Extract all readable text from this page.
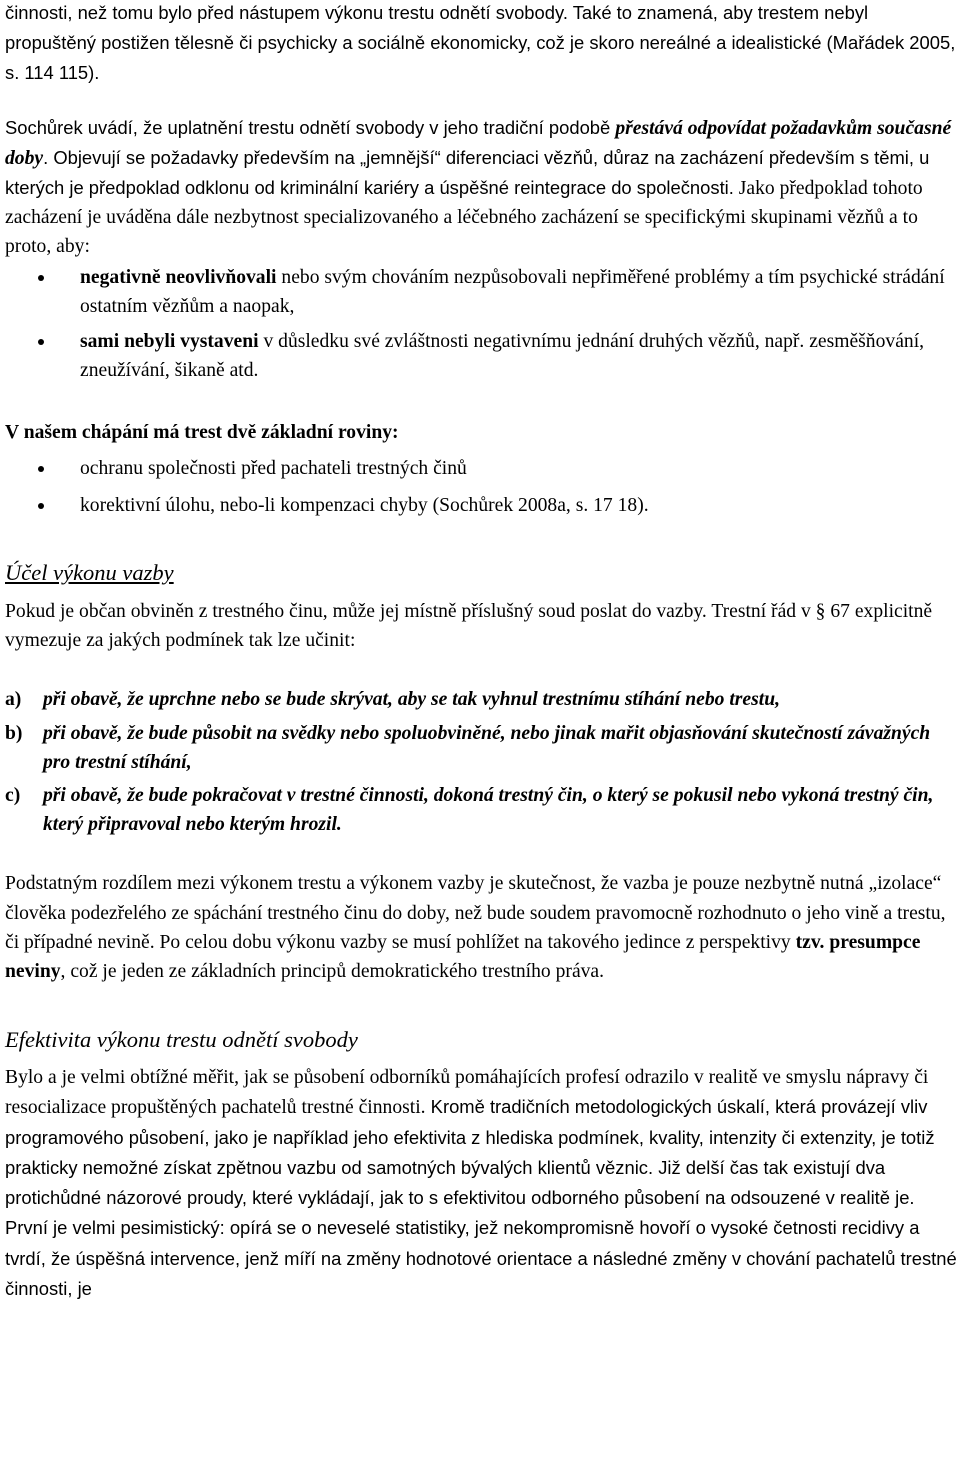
činnosti, než tomu bylo před nástupem výkonu trestu odnětí svobody. Také to znamená, aby trestem nebyl propuštěný postižen tělesně či psychicky a sociálně ekonomicky, což je skoro nereálné a idealistické (Mařádek 2005, s. 114 115).

Sochůrek uvádí, že uplatnění trestu odnětí svobody v jeho tradiční podobě přestává odpovídat požadavkům současné doby. Objevují se požadavky především na „jemnější“ diferenciaci vězňů, důraz na zacházení především s těmi, u kterých je předpoklad odklonu od kriminální kariéry a úspěšné reintegrace do společnosti. Jako předpoklad tohoto zacházení je uváděna dále nezbytnost specializovaného a léčebného zacházení se specifickými skupinami vězňů a to proto, aby:

negativně neovlivňovali nebo svým chováním nezpůsobovali nepřiměřené problémy a tím psychické strádání ostatním vězňům a naopak,
sami nebyli vystaveni v důsledku své zvláštnosti negativnímu jednání druhých vězňů, např. zesměšňování, zneužívání, šikaně atd.

V našem chápání má trest dvě základní roviny:

ochranu společnosti před pachateli trestných činů
korektivní úlohu, nebo-li kompenzaci chyby (Sochůrek 2008a, s. 17 18).
Účel výkonu vazby

Pokud je občan obviněn z trestného činu, může jej místně příslušný soud poslat do vazby. Trestní řád v § 67 explicitně vymezuje za jakých podmínek tak lze učinit:

a) při obavě, že uprchne nebo se bude skrývat, aby se tak vyhnul trestnímu stíhání nebo trestu,
b) při obavě, že bude působit na svědky nebo spoluobviněné, nebo jinak mařit objasňování skutečností závažných pro trestní stíhání,
c) při obavě, že bude pokračovat v trestné činnosti, dokoná trestný čin, o který se pokusil nebo vykoná trestný čin, který připravoval nebo kterým hrozil.

Podstatným rozdílem mezi výkonem trestu a výkonem vazby je skutečnost, že vazba je pouze nezbytně nutná „izolace“ člověka podezřelého ze spáchání trestného činu do doby, než bude soudem pravomocně rozhodnuto o jeho vině a trestu, či případné nevině. Po celou dobu výkonu vazby se musí pohlížet na takového jedince z perspektivy tzv. presumpce neviny, což je jeden ze základních principů demokratického trestního práva.

Efektivita výkonu trestu odnětí svobody

Bylo a je velmi obtížné měřit, jak se působení odborníků pomáhajících profesí odrazilo v realitě ve smyslu nápravy či resocializace propuštěných pachatelů trestné činnosti. Kromě tradičních metodologických úskalí, která provázejí vliv programového působení, jako je například jeho efektivita z hlediska podmínek, kvality, intenzity či extenzity, je totiž prakticky nemožné získat zpětnou vazbu od samotných bývalých klientů věznic. Již delší čas tak existují dva protichůdné názorové proudy, které vykládají, jak to s efektivitou odborného působení na odsouzené v realitě je. První je velmi pesimistický: opírá se o neveselé statistiky, jež nekompromisně hovoří o vysoké četnosti recidivy a tvrdí, že úspěšná intervence, jenž míří na změny hodnotové orientace a následné změny v chování pachatelů trestné činnosti, je
